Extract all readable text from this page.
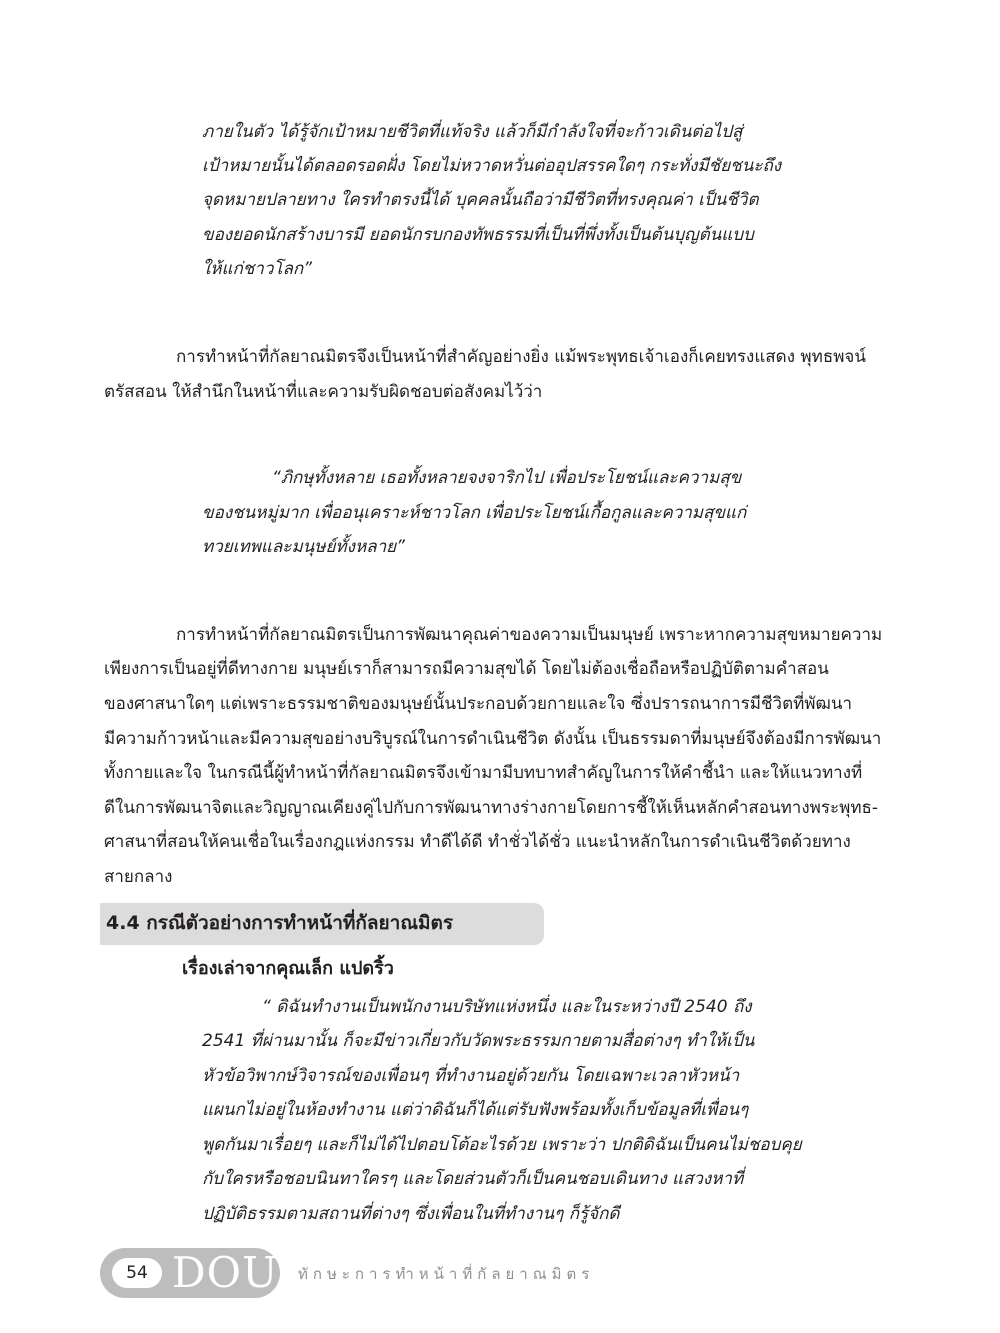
ภายในตัว ได้รู้จักเป้าหมายชีวิตที่แท้จริง แล้วก็มีกำลังใจที่จะก้าวเดินต่อไปสู่

เป้าหมายนั้นได้ตลอดรอดฝั่ง โดยไม่หวาดหวั่นต่ออุปสรรคใดๆ กระทั่งมีชัยชนะถึง

จุดหมายปลายทาง ใครทำตรงนี้ได้ บุคคลนั้นถือว่ามีชีวิตที่ทรงคุณค่า เป็นชีวิต

ของยอดนักสร้างบารมี ยอดนักรบกองทัพธรรมที่เป็นที่พึ่งทั้งเป็นต้นบุญต้นแบบ

ให้แก่ชาวโลก”

การทำหน้าที่กัลยาณมิตรจึงเป็นหน้าที่สำคัญอย่างยิ่ง แม้พระพุทธเจ้าเองก็เคยทรงแสดง พุทธพจน์

ตรัสสอน ให้สำนึกในหน้าที่และความรับผิดชอบต่อสังคมไว้ว่า

“ภิกษุทั้งหลาย เธอทั้งหลายจงจาริกไป เพื่อประโยชน์และความสุข

ของชนหมู่มาก เพื่ออนุเคราะห์ชาวโลก เพื่อประโยชน์เกื้อกูลและความสุขแก่

ทวยเทพและมนุษย์ทั้งหลาย”

การทำหน้าที่กัลยาณมิตรเป็นการพัฒนาคุณค่าของความเป็นมนุษย์ เพราะหากความสุขหมายความ

เพียงการเป็นอยู่ที่ดีทางกาย มนุษย์เราก็สามารถมีความสุขได้ โดยไม่ต้องเชื่อถือหรือปฏิบัติตามคำสอน

ของศาสนาใดๆ แต่เพราะธรรมชาติของมนุษย์นั้นประกอบด้วยกายและใจ ซึ่งปรารถนาการมีชีวิตที่พัฒนา

มีความก้าวหน้าและมีความสุขอย่างบริบูรณ์ในการดำเนินชีวิต ดังนั้น เป็นธรรมดาที่มนุษย์จึงต้องมีการพัฒนา

ทั้งกายและใจ ในกรณีนี้ผู้ทำหน้าที่กัลยาณมิตรจึงเข้ามามีบทบาทสำคัญในการให้คำชี้นำ และให้แนวทางที่

ดีในการพัฒนาจิตและวิญญาณเคียงคู่ไปกับการพัฒนาทางร่างกายโดยการชี้ให้เห็นหลักคำสอนทางพระพุทธ-

ศาสนาที่สอนให้คนเชื่อในเรื่องกฎแห่งกรรม ทำดีได้ดี ทำชั่วได้ชั่ว แนะนำหลักในการดำเนินชีวิตด้วยทาง

สายกลาง

4.4 กรณีตัวอย่างการทำหน้าที่กัลยาณมิตร
เรื่องเล่าจากคุณเล็ก แปดริ้ว

“ ดิฉันทำงานเป็นพนักงานบริษัทแห่งหนึ่ง และในระหว่างปี 2540 ถึง

2541 ที่ผ่านมานั้น ก็จะมีข่าวเกี่ยวกับวัดพระธรรมกายตามสื่อต่างๆ ทำให้เป็น

หัวข้อวิพากษ์วิจารณ์ของเพื่อนๆ ที่ทำงานอยู่ด้วยกัน โดยเฉพาะเวลาหัวหน้า

แผนกไม่อยู่ในห้องทำงาน แต่ว่าดิฉันก็ได้แต่รับฟังพร้อมทั้งเก็บข้อมูลที่เพื่อนๆ

พูดกันมาเรื่อยๆ และก็ไม่ได้ไปตอบโต้อะไรด้วย เพราะว่า ปกติดิฉันเป็นคนไม่ชอบคุย

กับใครหรือชอบนินทาใครๆ และโดยส่วนตัวก็เป็นคนชอบเดินทาง แสวงหาที่

ปฏิบัติธรรมตามสถานที่ต่างๆ ซึ่งเพื่อนในที่ทำงานๆ ก็รู้จักดี

54 DOU ทักษะการทำหน้าที่กัลยาณมิตร
